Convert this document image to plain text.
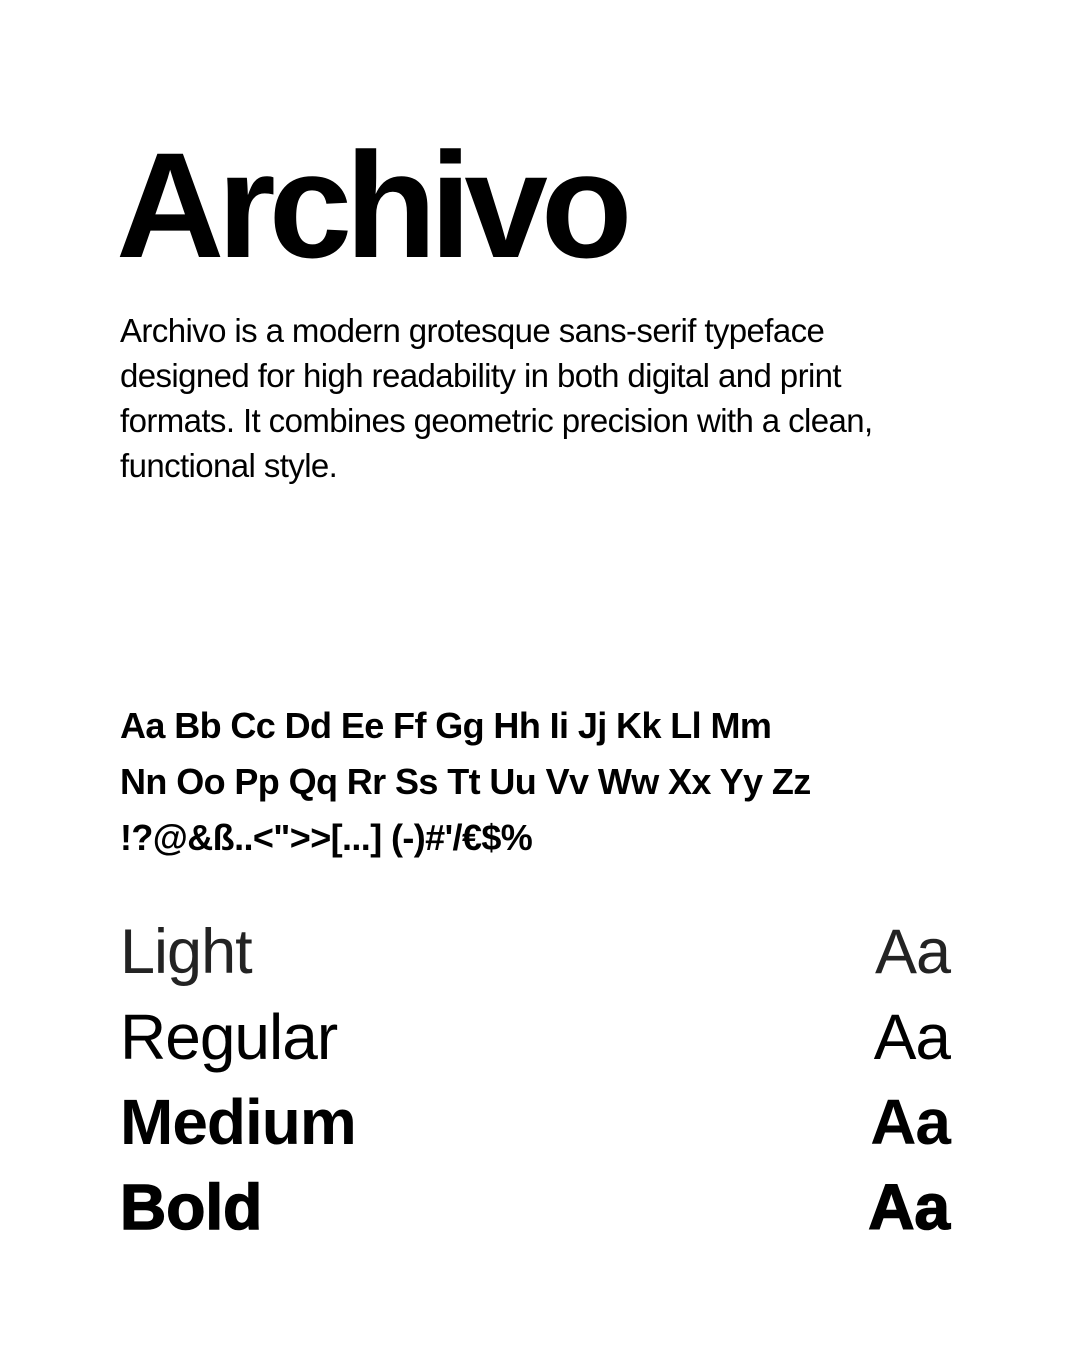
Archivo

Archivo is a modern grotesque sans-serif typeface designed for high readability in both digital and print formats. It combines geometric precision with a clean, functional style.

Aa Bb Cc Dd Ee Ff Gg Hh Ii Jj Kk Ll Mm
Nn Oo Pp Qq Rr Ss Tt Uu Vv Ww Xx Yy Zz
!?@&ß..<">>[...] (-)#'/€$%
Light	Aa
Regular	Aa
Medium	Aa
Bold	Aa
